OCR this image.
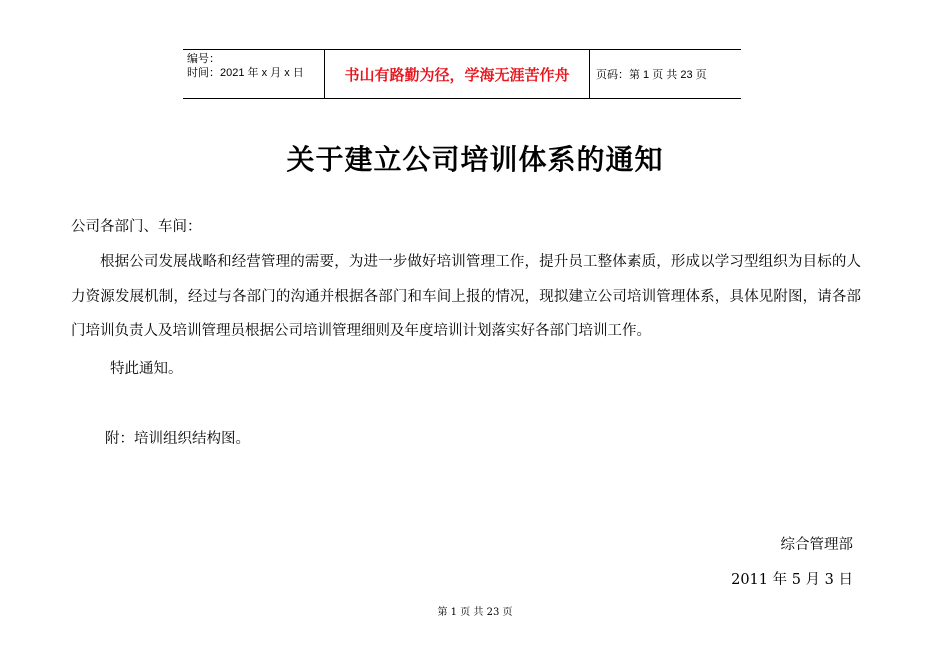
编号：
时间：2021 年 x 月 x 日	书山有路勤为径，学海无涯苦作舟 页码：第 1 页 共 23 页
关于建立公司培训体系的通知
公司各部门、车间：

根据公司发展战略和经营管理的需要，为进一步做好培训管理工作，提升员工整体素质，形成以学习型组织为目标的人力资源发展机制，经过与各部门的沟通并根据各部门和车间上报的情况，现拟建立公司培训管理体系，具体见附图，请各部门培训负责人及培训管理员根据公司培训管理细则及年度培训计划落实好各部门培训工作。

特此通知。
附：培训组织结构图。
综合管理部
2011 年 5 月 3 日
第 1 页 共 23 页
